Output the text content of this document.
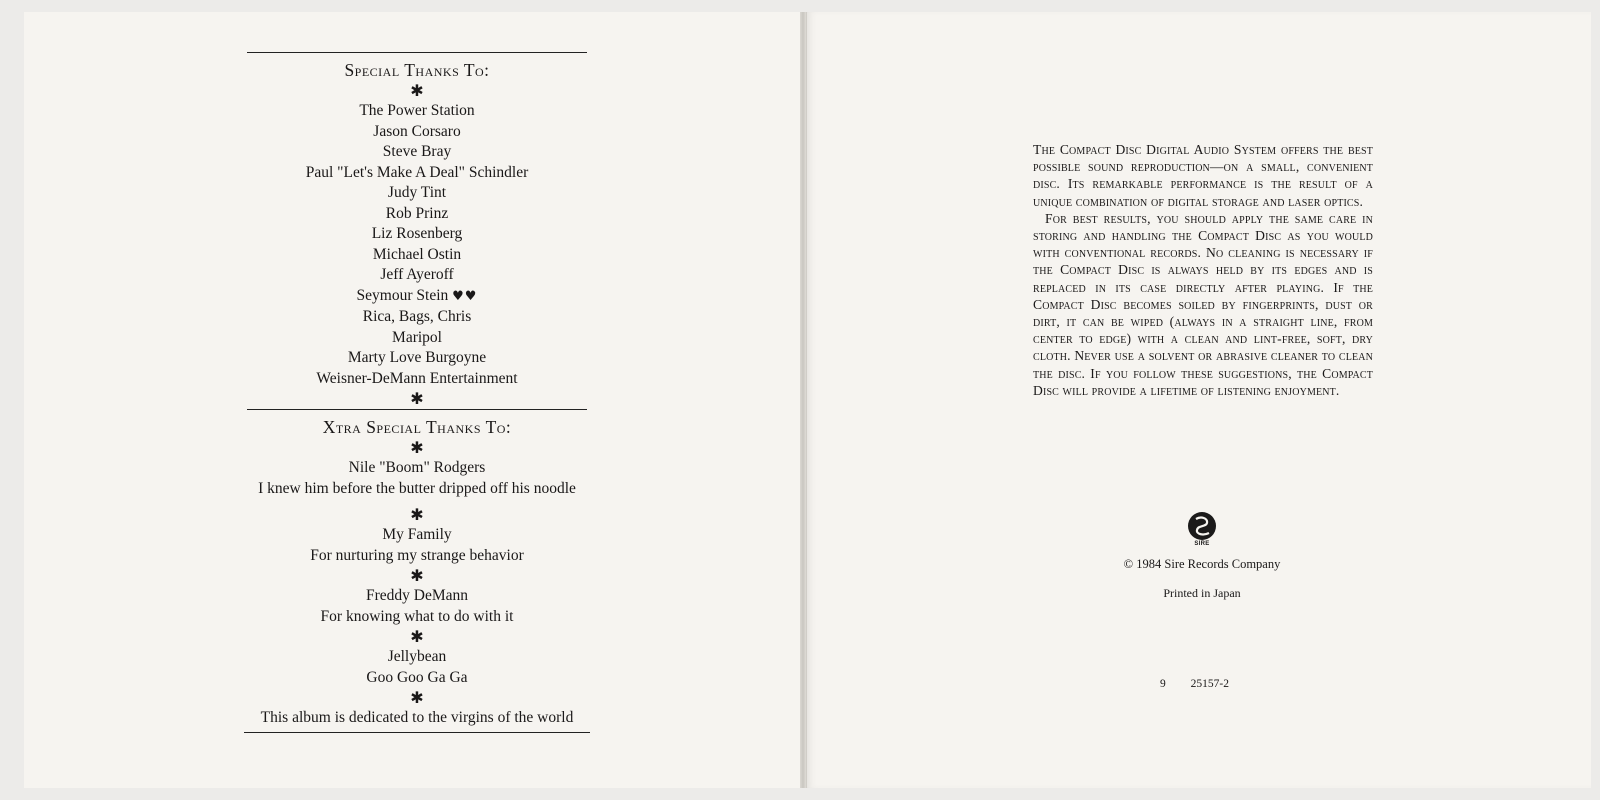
Special Thanks To:
✱
The Power Station
Jason Corsaro
Steve Bray
Paul "Let's Make A Deal" Schindler
Judy Tint
Rob Prinz
Liz Rosenberg
Michael Ostin
Jeff Ayeroff
Seymour Stein ♥♥
Rica, Bags, Chris
Maripol
Marty Love Burgoyne
Weisner-DeMann Entertainment
✱
Xtra Special Thanks To:
✱
Nile "Boom" Rodgers
I knew him before the butter dripped off his noodle
✱
My Family
For nurturing my strange behavior
✱
Freddy DeMann
For knowing what to do with it
✱
Jellybean
Goo Goo Ga Ga
✱
This album is dedicated to the virgins of the world

The Compact Disc Digital Audio System offers the best possible sound reproduction—on a small, convenient disc. Its remarkable performance is the result of a unique combination of digital storage and laser optics.

For best results, you should apply the same care in storing and handling the Compact Disc as you would with conventional records. No cleaning is necessary if the Compact Disc is always held by its edges and is replaced in its case directly after playing. If the Compact Disc becomes soiled by fingerprints, dust or dirt, it can be wiped (always in a straight line, from center to edge) with a clean and lint-free, soft, dry cloth. Never use a solvent or abrasive cleaner to clean the disc. If you follow these suggestions, the Compact Disc will provide a lifetime of listening enjoyment.

SIRE
© 1984 Sire Records Company
Printed in Japan
9 25157-2
